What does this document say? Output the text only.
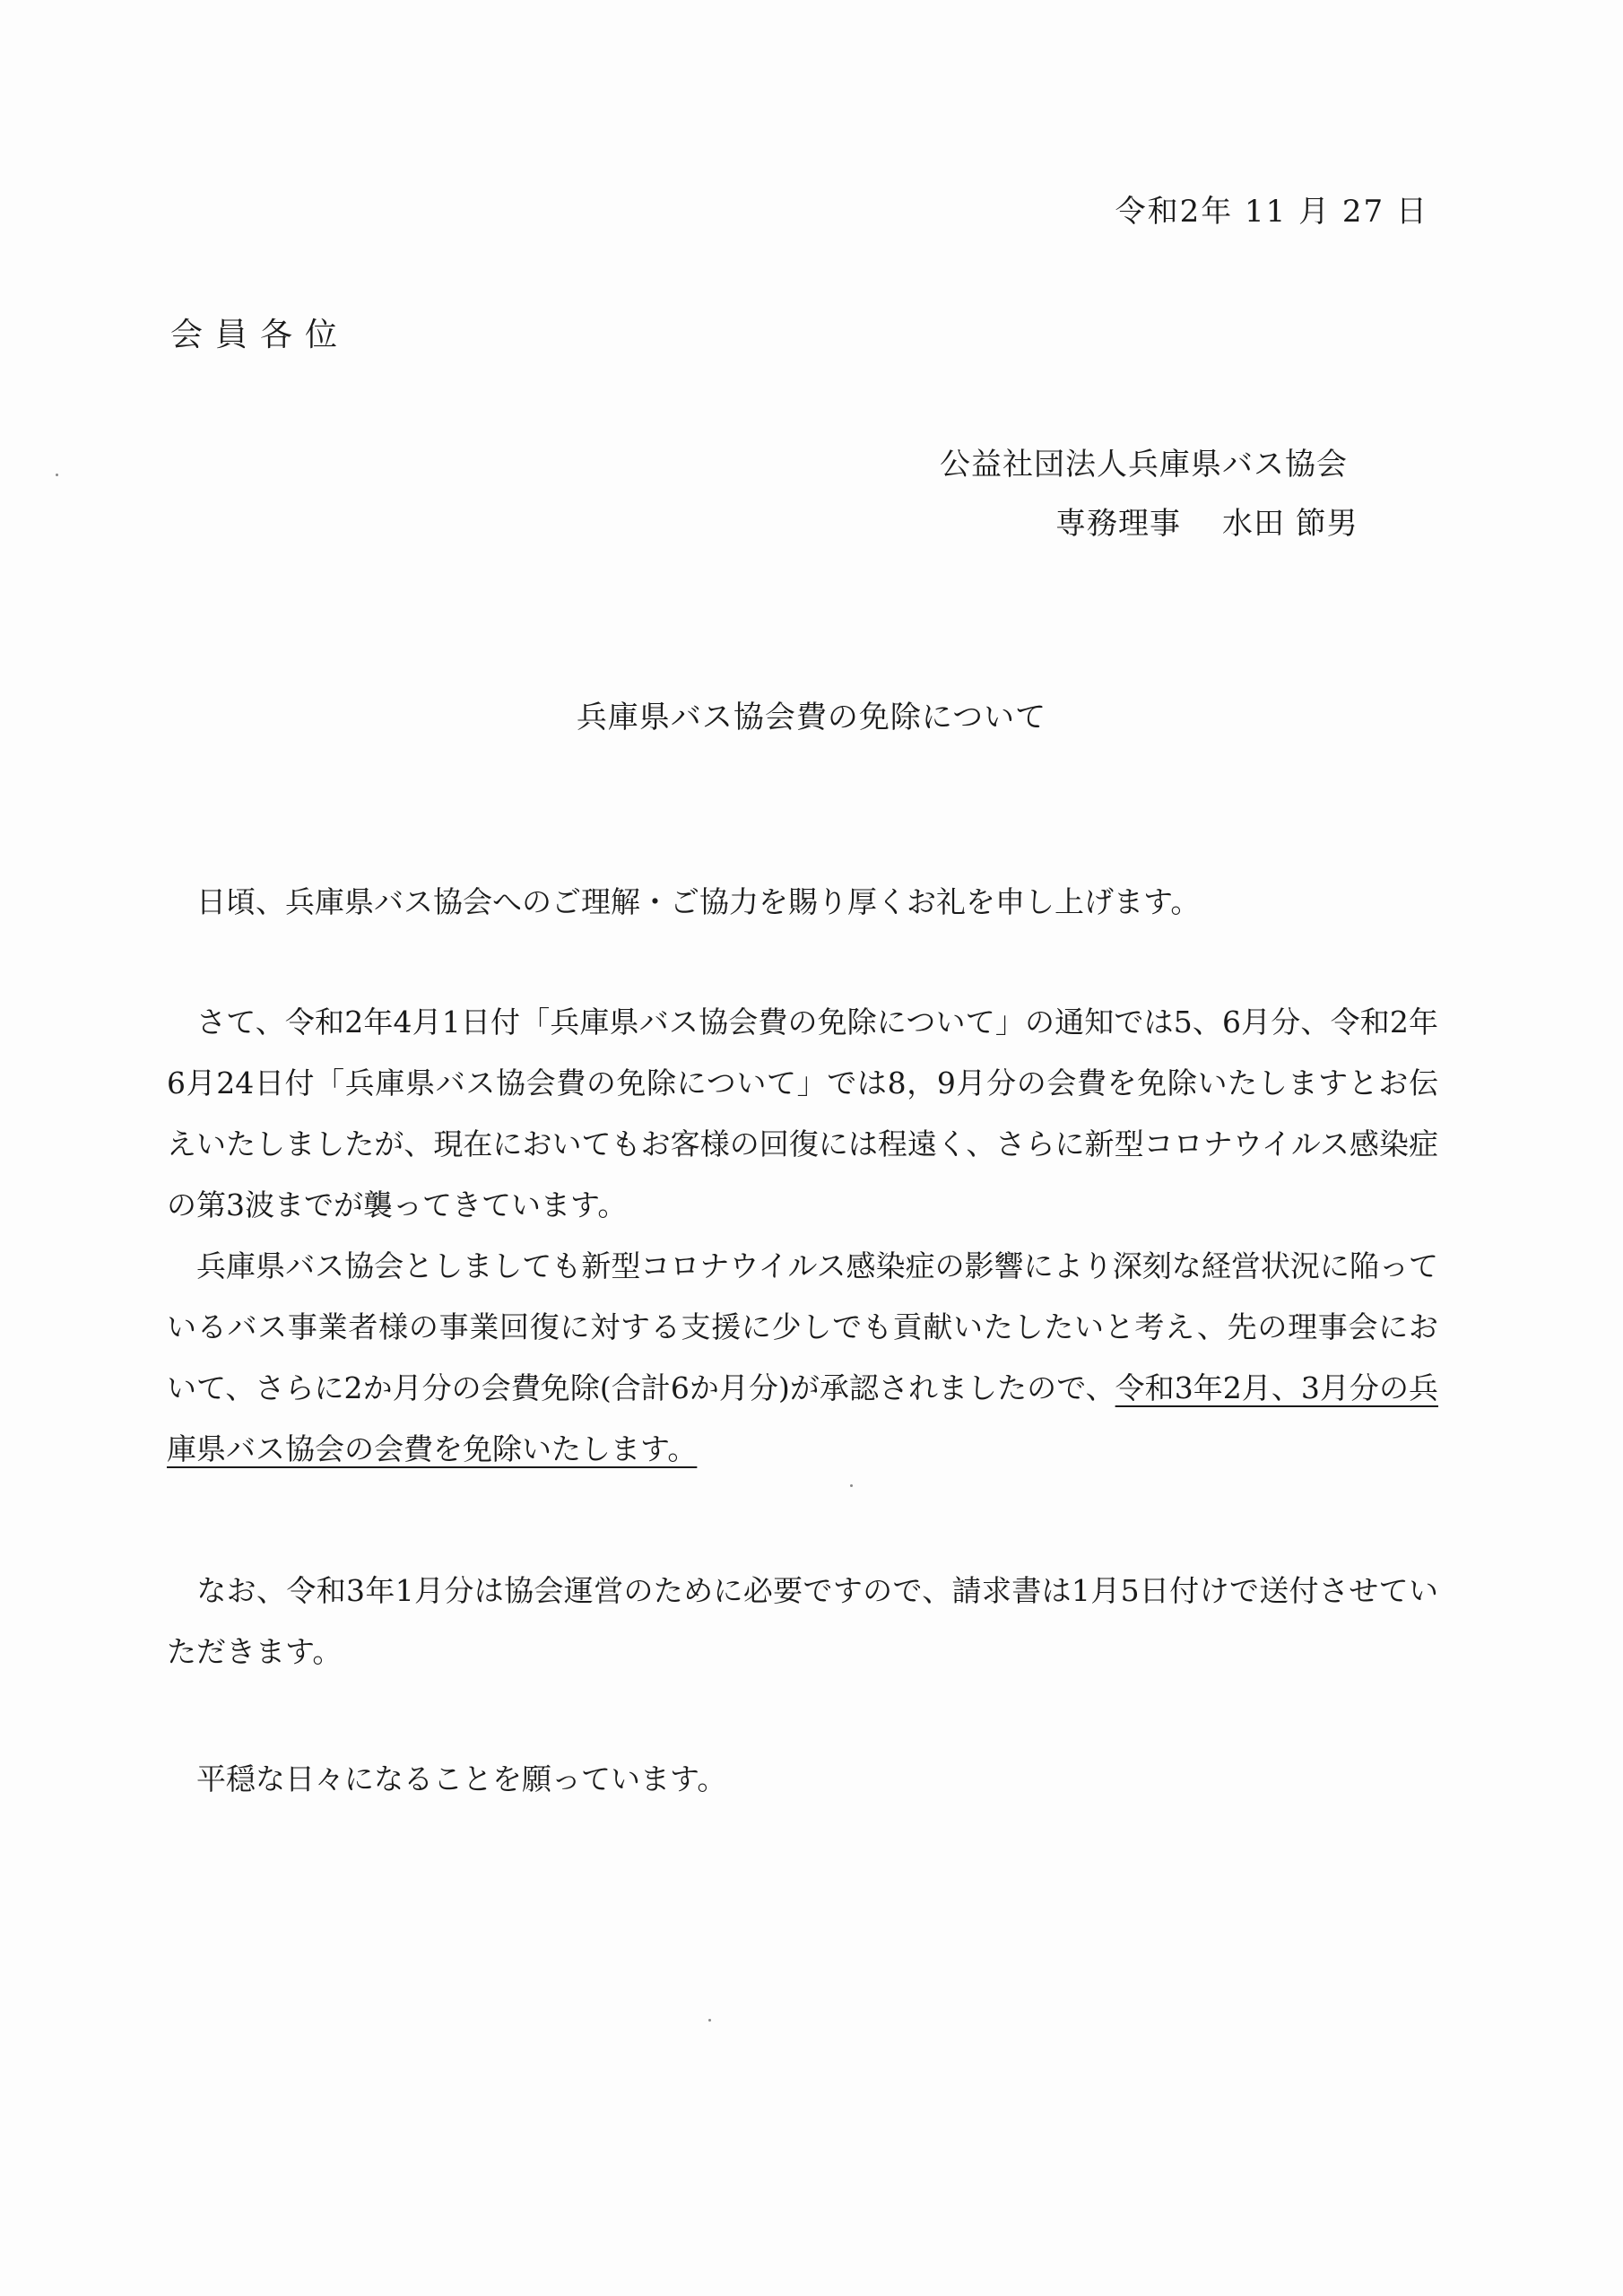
令和2年 11 月 27 日
会員各位
公益社団法人兵庫県バス協会
専務理事 水田 節男
兵庫県バス協会費の免除について
日頃、兵庫県バス協会へのご理解・ご協力を賜り厚くお礼を申し上げます。
さて、令和2年4月1日付「兵庫県バス協会費の免除について」の通知では5、6月分、令和2年6月24日付「兵庫県バス協会費の免除について」では8，9月分の会費を免除いたしますとお伝えいたしましたが、現在においてもお客様の回復には程遠く、さらに新型コロナウイルス感染症の第3波までが襲ってきています。
兵庫県バス協会としましても新型コロナウイルス感染症の影響により深刻な経営状況に陥っているバス事業者様の事業回復に対する支援に少しでも貢献いたしたいと考え、先の理事会において、さらに2か月分の会費免除(合計6か月分)が承認されましたので、令和3年2月、3月分の兵庫県バス協会の会費を免除いたします。
なお、令和3年1月分は協会運営のために必要ですので、請求書は1月5日付けで送付させていただきます。
平穏な日々になることを願っています。
